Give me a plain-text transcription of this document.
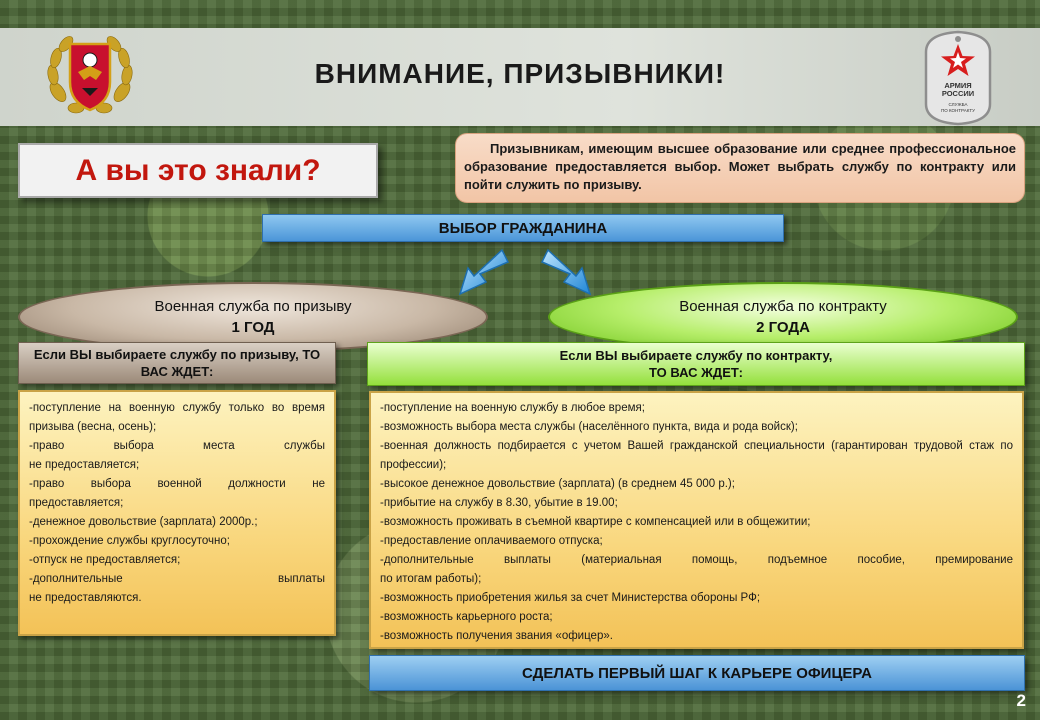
ВНИМАНИЕ, ПРИЗЫВНИКИ!	АРМИЯ
РОССИИ
СЛУЖБА
ПО КОНТРАКТУ
А вы это знали?
Призывникам, имеющим высшее образование или среднее профессиональное образование предоставляется выбор. Может выбрать службу по контракту или пойти служить по призыву.
ВЫБОР ГРАЖДАНИНА
Военная служба по призыву
1 ГОД
Военная служба по контракту
2 ГОДА
Если ВЫ выбираете службу по призыву, ТО
ВАС ЖДЕТ:
Если ВЫ выбираете службу по контракту,
ТО ВАС ЖДЕТ:
-поступление на военную службу только во время призыва (весна, осень);
-право выбора места службы
не предоставляется;
-право выбора военной должности не
предоставляется;
-денежное довольствие (зарплата) 2000р.;
-прохождение службы круглосуточно;
-отпуск не предоставляется;
-дополнительные выплаты
не предоставляются.
-поступление на военную службу в любое время;
-возможность выбора места службы (населённого пункта, вида и рода войск);
-военная должность подбирается с учетом Вашей гражданской специальности (гарантирован трудовой стаж по профессии);
-высокое денежное довольствие (зарплата) (в среднем 45 000 р.);
-прибытие на службу в 8.30, убытие в 19.00;
-возможность проживать в съемной квартире с компенсацией или в общежитии;
-предоставление оплачиваемого отпуска;
-дополнительные выплаты (материальная помощь, подъемное пособие, премирование
по итогам работы);
-возможность приобретения жилья за счет Министерства обороны РФ;
-возможность карьерного роста;
-возможность получения звания «офицер».
СДЕЛАТЬ ПЕРВЫЙ ШАГ К КАРЬЕРЕ ОФИЦЕРА
2
